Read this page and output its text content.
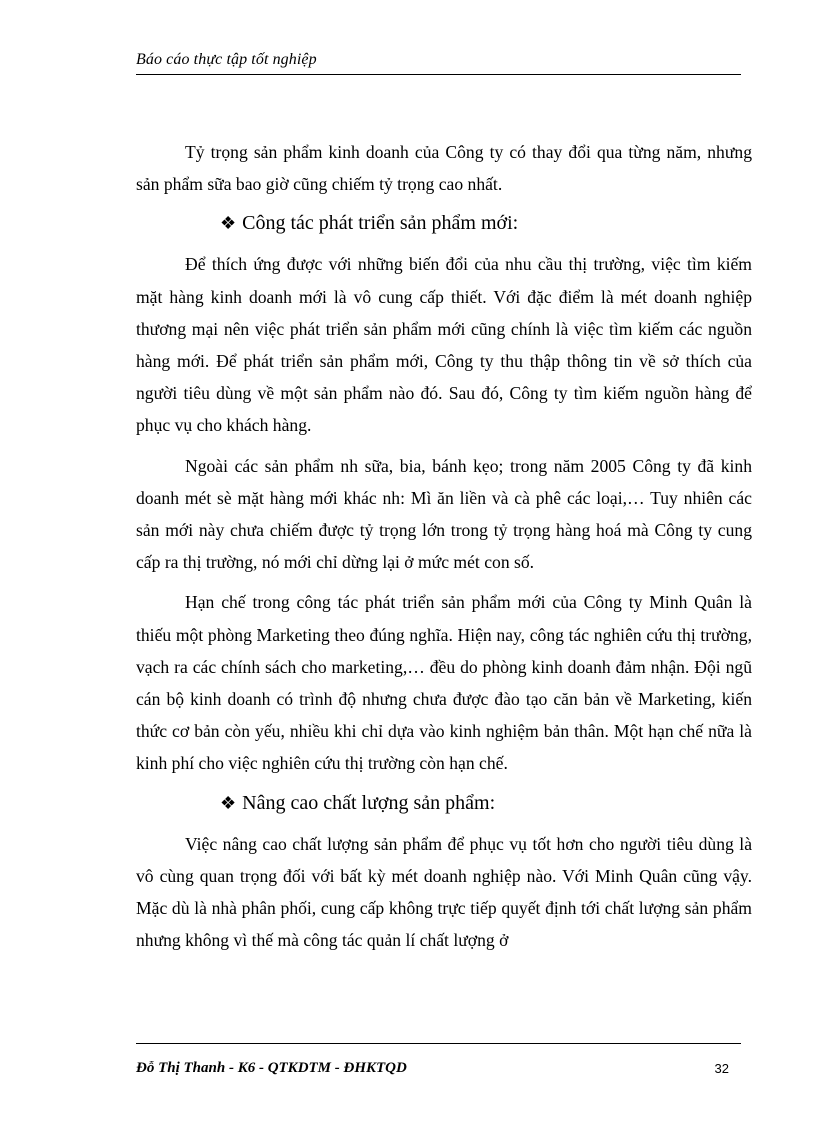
Báo cáo thực tập tốt nghiệp

Tỷ trọng sản phẩm kinh doanh của Công ty có thay đổi qua từng năm, nhưng sản phẩm sữa bao giờ cũng chiếm tỷ trọng cao nhất.

❖ Công tác phát triển sản phẩm mới:

Để thích ứng được với những biến đổi của nhu cầu thị trường, việc tìm kiếm mặt hàng kinh doanh mới là vô cung cấp thiết. Với đặc điểm là mét doanh nghiệp thương mại nên việc phát triển sản phẩm mới cũng chính là việc tìm kiếm các nguồn hàng mới. Để phát triển sản phẩm mới, Công ty thu thập thông tin về sở thích của người tiêu dùng về một sản phẩm nào đó. Sau đó, Công ty tìm kiếm nguồn hàng để phục vụ cho khách hàng.

Ngoài các sản phẩm nh sữa, bia, bánh kẹo; trong năm 2005 Công ty đã kinh doanh mét sè mặt hàng mới khác nh: Mì ăn liền và cà phê các loại,… Tuy nhiên các sản mới này chưa chiếm được tỷ trọng lớn trong tỷ trọng hàng hoá mà Công ty cung cấp ra thị trường, nó mới chỉ dừng lại ở mức mét con số.

Hạn chế trong công tác phát triển sản phẩm mới của Công ty Minh Quân là thiếu một phòng Marketing theo đúng nghĩa. Hiện nay, công tác nghiên cứu thị trường, vạch ra các chính sách cho marketing,… đều do phòng kinh doanh đảm nhận. Đội ngũ cán bộ kinh doanh có trình độ nhưng chưa được đào tạo căn bản về Marketing, kiến thức cơ bản còn yếu, nhiều khi chỉ dựa vào kinh nghiệm bản thân. Một hạn chế nữa là kinh phí cho việc nghiên cứu thị trường còn hạn chế.

❖ Nâng cao chất lượng sản phẩm:

Việc nâng cao chất lượng sản phẩm để phục vụ tốt hơn cho người tiêu dùng là vô cùng quan trọng đối với bất kỳ mét doanh nghiệp nào. Với Minh Quân cũng vậy. Mặc dù là nhà phân phối, cung cấp không trực tiếp quyết định tới chất lượng sản phẩm nhưng không vì thế mà công tác quản lí chất lượng ở

Đỗ Thị Thanh - K6 - QTKDTM - ĐHKTQD	32
